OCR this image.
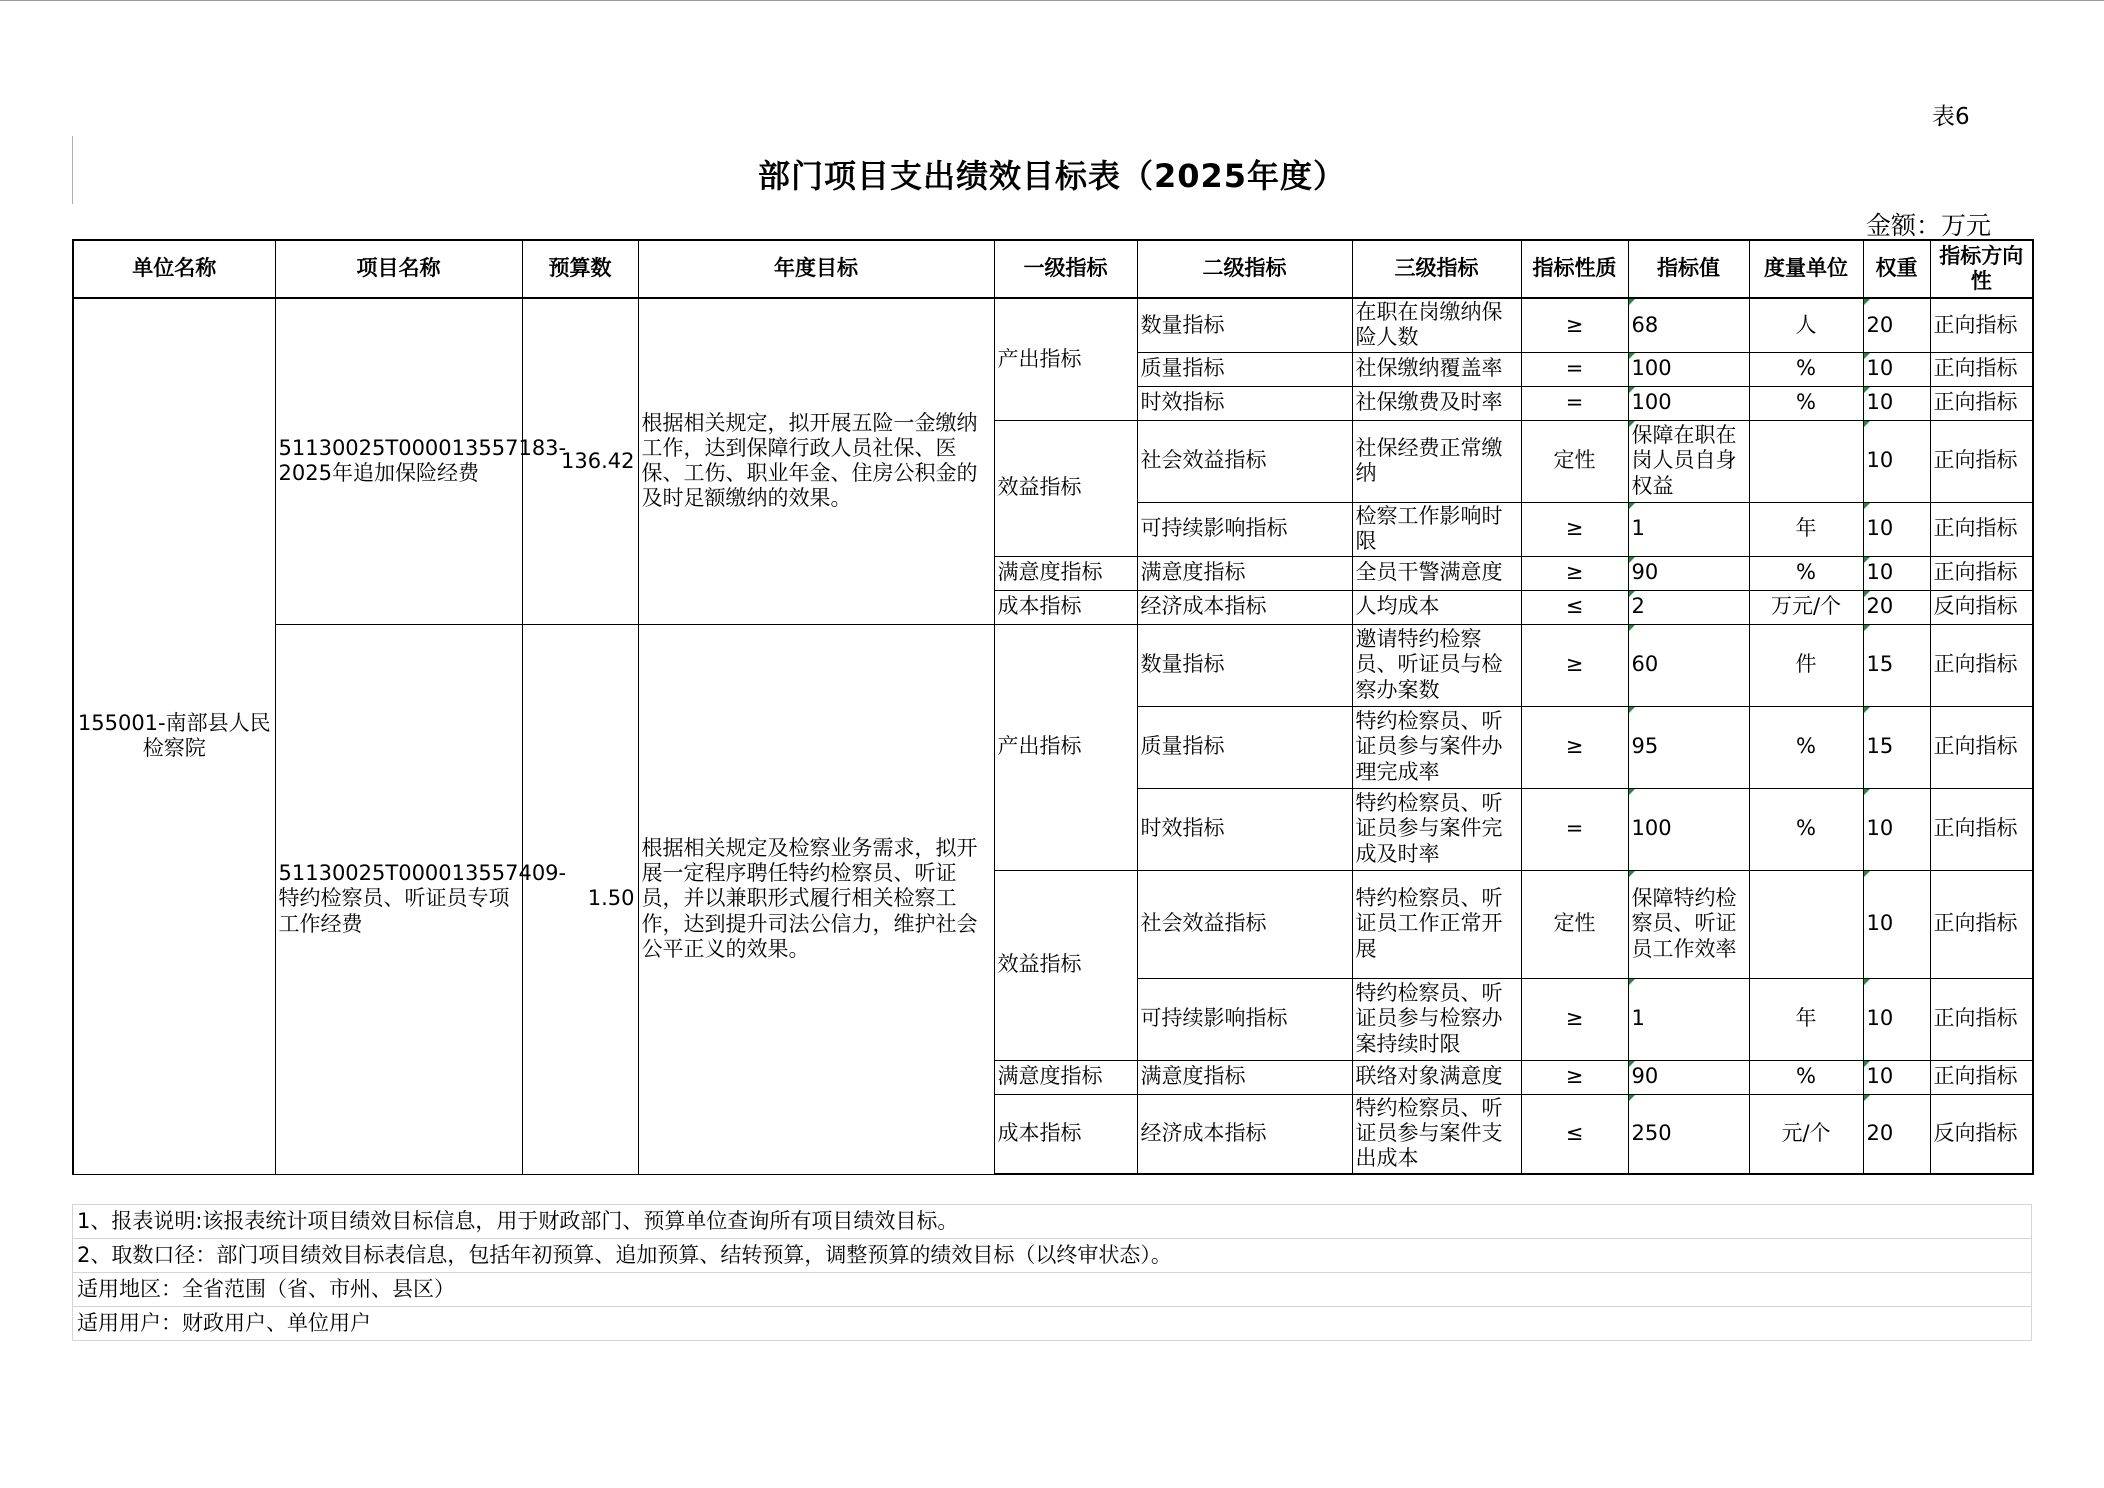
表6
部门项目支出绩效目标表（2025年度）
金额：万元
单位名称	项目名称	预算数	年度目标	一级指标	二级指标	三级指标	指标性质	指标值	度量单位	权重	指标方向性
155001-南部县人民检察院	51130025T000013557183-2025年追加保险经费	136.42	根据相关规定，拟开展五险一金缴纳工作，达到保障行政人员社保、医保、工伤、职业年金、住房公积金的及时足额缴纳的效果。	产出指标	数量指标	在职在岗缴纳保险人数	≥	68	人	20	正向指标
					质量指标	社保缴纳覆盖率	=	100	%	10	正向指标
					时效指标	社保缴费及时率	=	100	%	10	正向指标
				效益指标	社会效益指标	社保经费正常缴纳	定性	保障在职在岗人员自身权益		10	正向指标
					可持续影响指标	检察工作影响时限	≥	1	年	10	正向指标
				满意度指标	满意度指标	全员干警满意度	≥	90	%	10	正向指标
				成本指标	经济成本指标	人均成本	≤	2	万元/个	20	反向指标
	51130025T000013557409-特约检察员、听证员专项工作经费	1.50	根据相关规定及检察业务需求，拟开展一定程序聘任特约检察员、听证员，并以兼职形式履行相关检察工作，达到提升司法公信力，维护社会公平正义的效果。	产出指标	数量指标	邀请特约检察员、听证员与检察办案数	≥	60	件	15	正向指标
					质量指标	特约检察员、听证员参与案件办理完成率	≥	95	%	15	正向指标
					时效指标	特约检察员、听证员参与案件完成及时率	=	100	%	10	正向指标
				效益指标	社会效益指标	特约检察员、听证员工作正常开展	定性	保障特约检察员、听证员工作效率		10	正向指标
					可持续影响指标	特约检察员、听证员参与检察办案持续时限	≥	1	年	10	正向指标
				满意度指标	满意度指标	联络对象满意度	≥	90	%	10	正向指标
				成本指标	经济成本指标	特约检察员、听证员参与案件支出成本	≤	250	元/个	20	反向指标
1、报表说明:该报表统计项目绩效目标信息，用于财政部门、预算单位查询所有项目绩效目标。
2、取数口径：部门项目绩效目标表信息，包括年初预算、追加预算、结转预算，调整预算的绩效目标（以终审状态）。
适用地区：全省范围（省、市州、县区）
适用用户：财政用户、单位用户
